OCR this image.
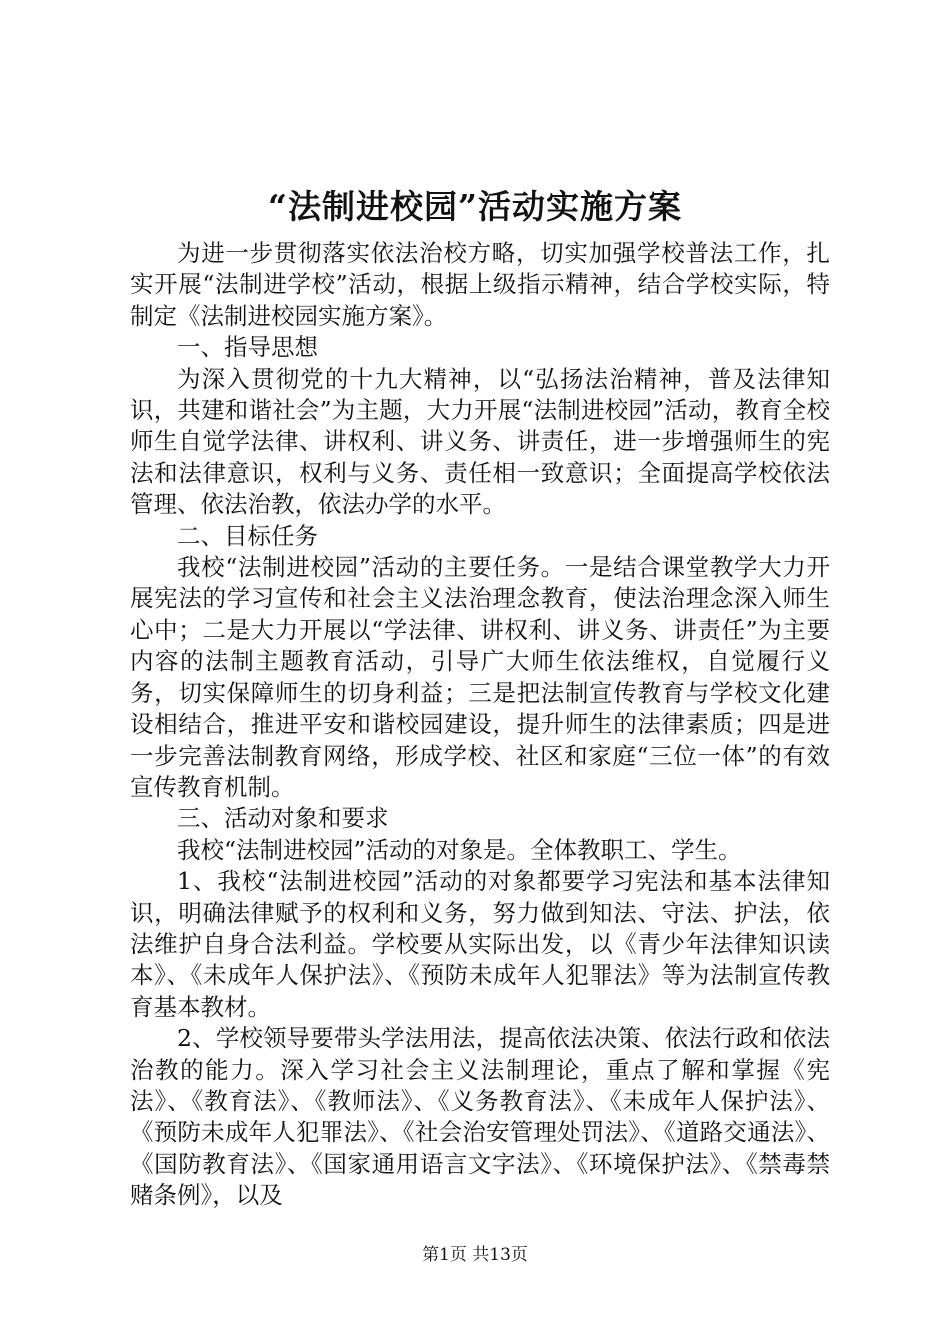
“法制进校园”活动实施方案

为进一步贯彻落实依法治校方略，切实加强学校普法工作，扎实开展“法制进学校”活动，根据上级指示精神，结合学校实际，特制定《法制进校园实施方案》。

一、指导思想

为深入贯彻党的十九大精神，以“弘扬法治精神，普及法律知识，共建和谐社会”为主题，大力开展“法制进校园”活动，教育全校师生自觉学法律、讲权利、讲义务、讲责任，进一步增强师生的宪法和法律意识，权利与义务、责任相一致意识；全面提高学校依法管理、依法治教，依法办学的水平。

二、目标任务

我校“法制进校园”活动的主要任务。一是结合课堂教学大力开展宪法的学习宣传和社会主义法治理念教育，使法治理念深入师生心中；二是大力开展以“学法律、讲权利、讲义务、讲责任”为主要内容的法制主题教育活动，引导广大师生依法维权，自觉履行义务，切实保障师生的切身利益；三是把法制宣传教育与学校文化建设相结合，推进平安和谐校园建设，提升师生的法律素质；四是进一步完善法制教育网络，形成学校、社区和家庭“三位一体”的有效宣传教育机制。

三、活动对象和要求

我校“法制进校园”活动的对象是。全体教职工、学生。

1、我校“法制进校园”活动的对象都要学习宪法和基本法律知识，明确法律赋予的权利和义务，努力做到知法、守法、护法，依法维护自身合法利益。学校要从实际出发，以《青少年法律知识读本》、《未成年人保护法》、《预防未成年人犯罪法》等为法制宣传教育基本教材。

2、学校领导要带头学法用法，提高依法决策、依法行政和依法治教的能力。深入学习社会主义法制理论，重点了解和掌握《宪法》、《教育法》、《教师法》、《义务教育法》、《未成年人保护法》、《预防未成年人犯罪法》、《社会治安管理处罚法》、《道路交通法》、《国防教育法》、《国家通用语言文字法》、《环境保护法》、《禁毒禁赌条例》，以及

第1页 共13页
